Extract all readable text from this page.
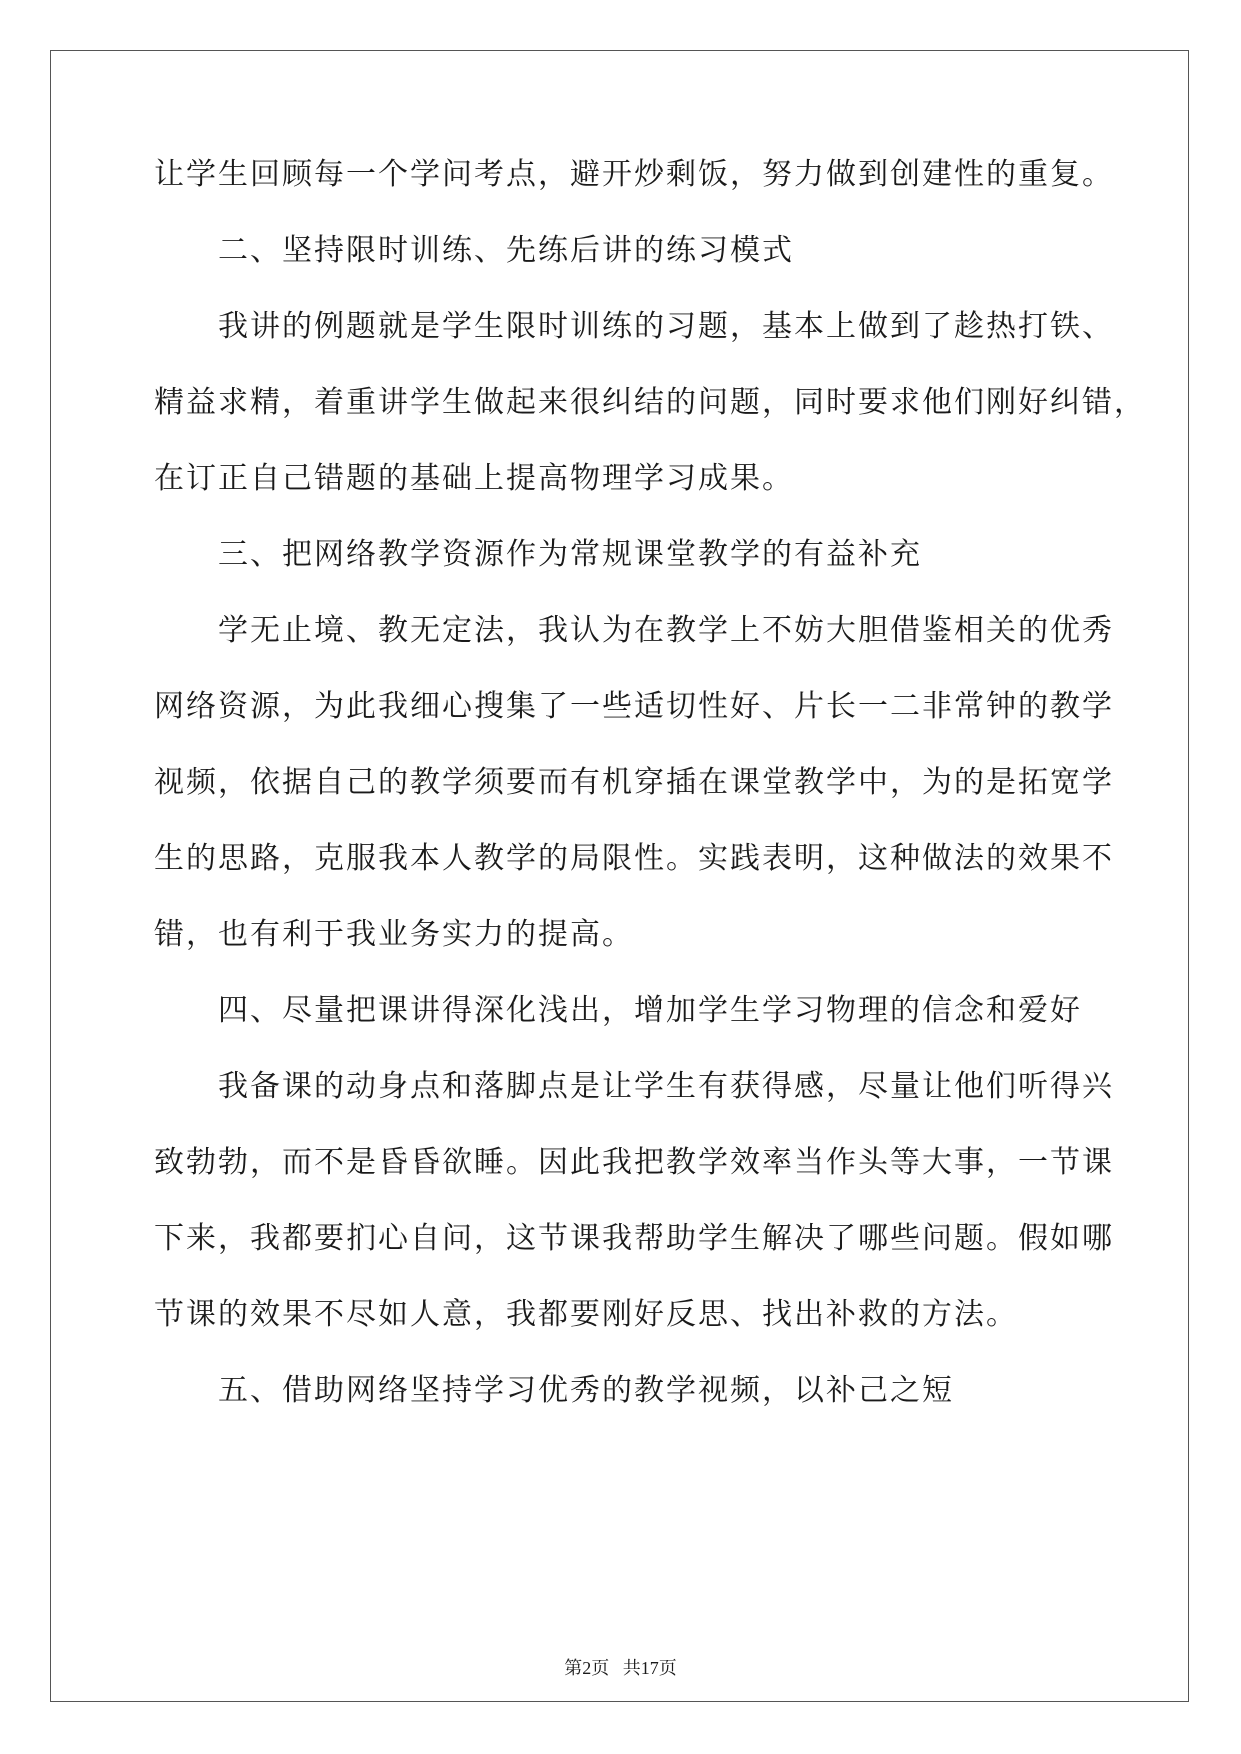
让学生回顾每一个学问考点，避开炒剩饭，努力做到创建性的重复。
二、坚持限时训练、先练后讲的练习模式
我讲的例题就是学生限时训练的习题，基本上做到了趁热打铁、
精益求精，着重讲学生做起来很纠结的问题，同时要求他们刚好纠错，
在订正自己错题的基础上提高物理学习成果。
三、把网络教学资源作为常规课堂教学的有益补充
学无止境、教无定法，我认为在教学上不妨大胆借鉴相关的优秀
网络资源，为此我细心搜集了一些适切性好、片长一二非常钟的教学
视频，依据自己的教学须要而有机穿插在课堂教学中，为的是拓宽学
生的思路，克服我本人教学的局限性。实践表明，这种做法的效果不
错，也有利于我业务实力的提高。
四、尽量把课讲得深化浅出，增加学生学习物理的信念和爱好
我备课的动身点和落脚点是让学生有获得感，尽量让他们听得兴
致勃勃，而不是昏昏欲睡。因此我把教学效率当作头等大事，一节课
下来，我都要扪心自问，这节课我帮助学生解决了哪些问题。假如哪
节课的效果不尽如人意，我都要刚好反思、找出补救的方法。
五、借助网络坚持学习优秀的教学视频，以补己之短
第2页   共17页
